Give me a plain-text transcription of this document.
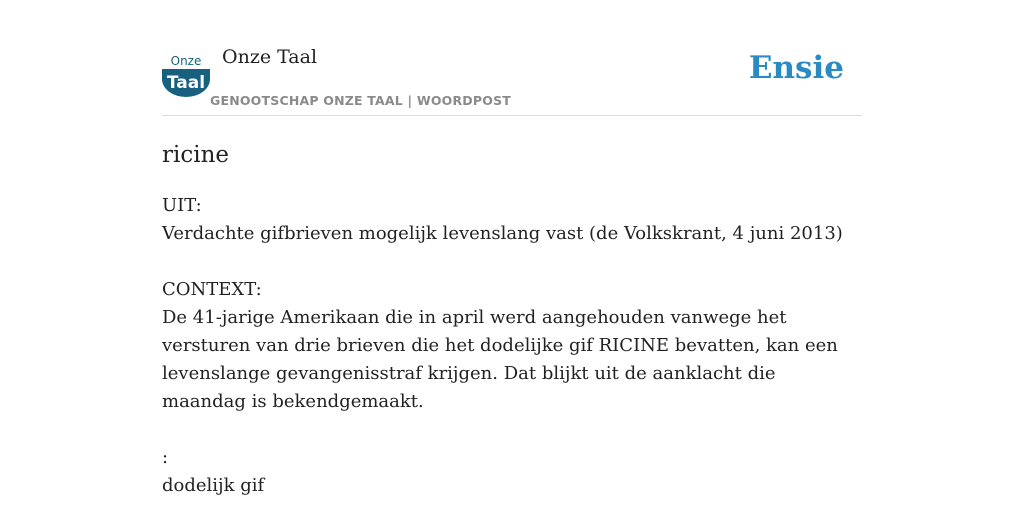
Onze
Taal
Onze Taal
GENOOTSCHAP ONZE TAAL | WOORDPOST
Ensie
ricine

UIT:

Verdachte gifbrieven mogelijk levenslang vast (de Volkskrant, 4 juni 2013)

CONTEXT:

De 41-jarige Amerikaan die in april werd aangehouden vanwege het versturen van drie brieven die het dodelijke gif RICINE bevatten, kan een levenslange gevangenisstraf krijgen. Dat blijkt uit de aanklacht die maandag is bekendgemaakt.

:

dodelijk gif
